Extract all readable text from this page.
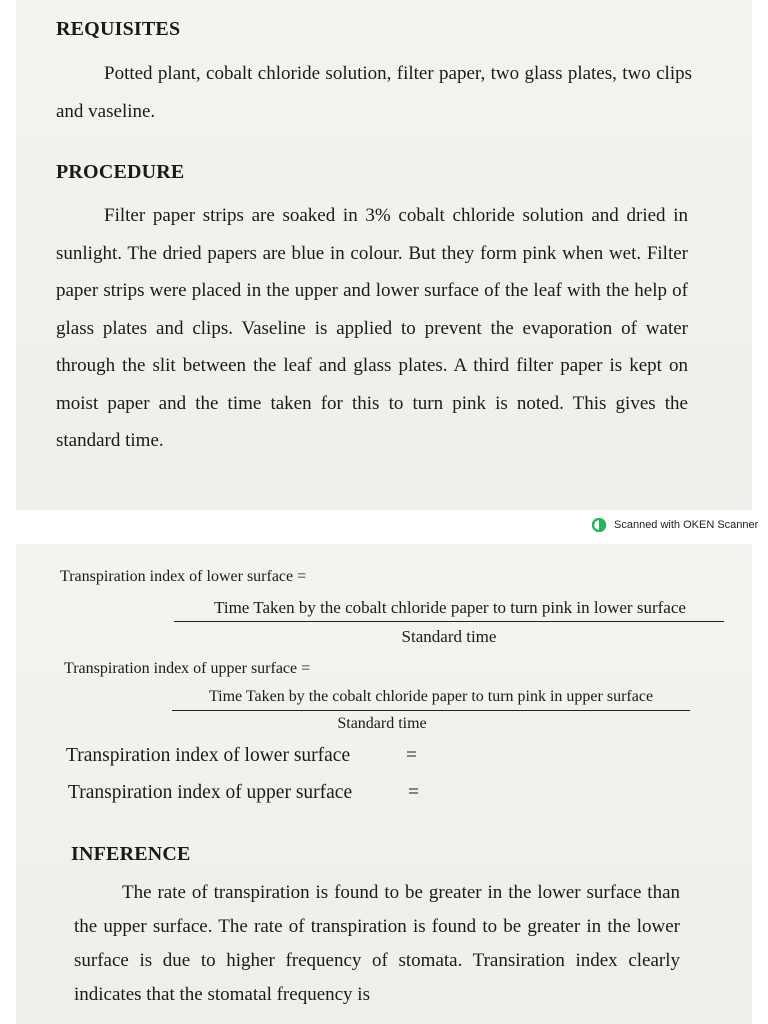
REQUISITES
Potted plant, cobalt chloride solution, filter paper, two glass plates, two clips and vaseline.
PROCEDURE
Filter paper strips are soaked in 3% cobalt chloride solution and dried in sunlight. The dried papers are blue in colour. But they form pink when wet. Filter paper strips were placed in the upper and lower surface of the leaf with the help of glass plates and clips. Vaseline is applied to prevent the evaporation of water through the slit between the leaf and glass plates. A third filter paper is kept on moist paper and the time taken for this to turn pink is noted. This gives the standard time.
Scanned with OKEN Scanner
Transpiration index of lower surface =
Time Taken by the cobalt chloride paper to turn pink in lower surface
Standard time
Transpiration index of upper surface =
Time Taken by the cobalt chloride paper to turn pink in upper surface
Standard time
Transpiration index of lower surface	=
Transpiration index of upper surface	=
INFERENCE
The rate of transpiration is found to be greater in the lower surface than the upper surface. The rate of transpiration is found to be greater in the lower surface is due to higher frequency of stomata. Transiration index clearly indicates that the stomatal frequency is
